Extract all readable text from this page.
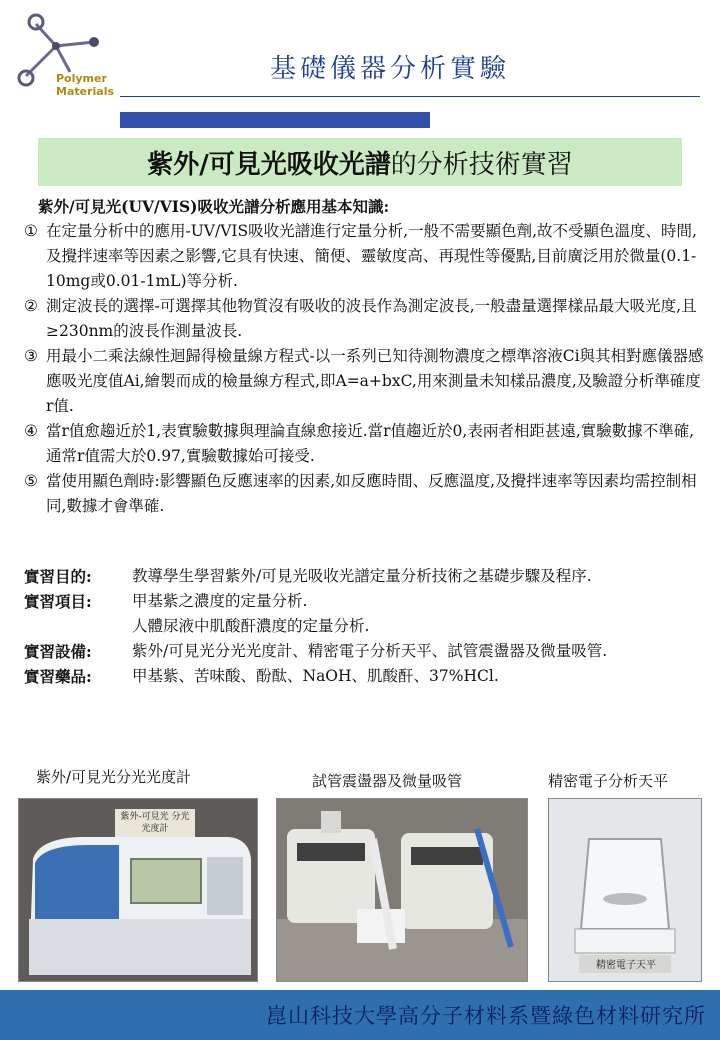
Polymer
Materials
基礎儀器分析實驗
紫外/可見光吸收光譜 的分析技術實習
紫外/可見光(UV/VIS)吸收光譜分析應用基本知識:
① 在定量分析中的應用-UV/VIS吸收光譜進行定量分析,一般不需要顯色劑,故不受顯色溫度、時間,及攪拌速率等因素之影響,它具有快速、簡便、靈敏度高、再現性等優點,目前廣泛用於微量(0.1-10mg或0.01-1mL)等分析.
② 測定波長的選擇-可選擇其他物質沒有吸收的波長作為測定波長,一般盡量選擇樣品最大吸光度,且 ≥230nm的波長作測量波長.
③ 用最小二乘法線性迴歸得檢量線方程式-以一系列已知待測物濃度之標準溶液Ci與其相對應儀器感應吸光度值Ai,繪製而成的檢量線方程式,即A=a+bxC,用來測量未知樣品濃度,及驗證分析準確度r值.
④ 當r值愈趨近於1,表實驗數據與理論直線愈接近.當r值趨近於0,表兩者相距甚遠,實驗數據不準確,通常r值需大於0.97,實驗數據始可接受.
⑤ 當使用顯色劑時:影響顯色反應速率的因素,如反應時間、反應溫度,及攪拌速率等因素均需控制相同,數據才會準確.
實習目的:	教導學生學習紫外/可見光吸收光譜定量分析技術之基礎步驟及程序.
實習項目:	甲基紫之濃度的定量分析.
人體尿液中肌酸酐濃度的定量分析.
實習設備:	紫外/可見光分光光度計、精密電子分析天平、試管震盪器及微量吸管.
實習藥品:	甲基紫、苦味酸、酚酞、NaOH、肌酸酐、37%HCl.
紫外/可見光分光光度計	試管震盪器及微量吸管	精密電子分析天平
紫外-可見光 分光光度計
精密電子天平
崑山科技大學高分子材料系暨綠色材料研究所
